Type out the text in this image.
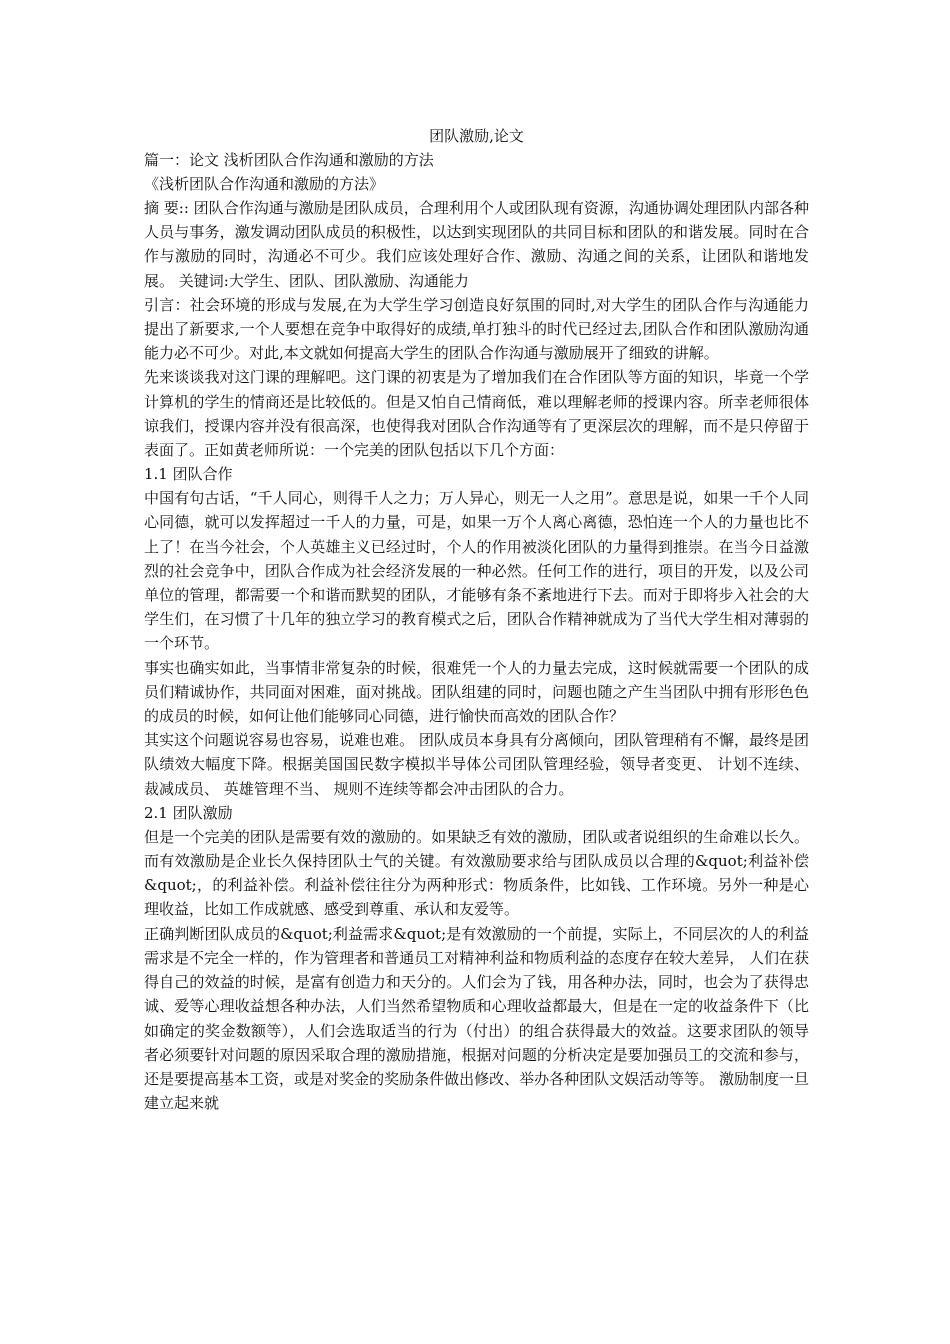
团队激励,论文

篇一：论文 浅析团队合作沟通和激励的方法

《浅析团队合作沟通和激励的方法》

摘 要:: 团队合作沟通与激励是团队成员，合理利用个人或团队现有资源，沟通协调处理团队内部各种人员与事务，激发调动团队成员的积极性，以达到实现团队的共同目标和团队的和谐发展。同时在合作与激励的同时，沟通必不可少。我们应该处理好合作、激励、沟通之间的关系，让团队和谐地发展。 关键词:大学生、团队、团队激励、沟通能力

引言：社会环境的形成与发展,在为大学生学习创造良好氛围的同时,对大学生的团队合作与沟通能力提出了新要求,一个人要想在竞争中取得好的成绩,单打独斗的时代已经过去,团队合作和团队激励沟通能力必不可少。对此,本文就如何提高大学生的团队合作沟通与激励展开了细致的讲解。

先来谈谈我对这门课的理解吧。这门课的初衷是为了增加我们在合作团队等方面的知识，毕竟一个学计算机的学生的情商还是比较低的。但是又怕自己情商低，难以理解老师的授课内容。所幸老师很体谅我们，授课内容并没有很高深，也使得我对团队合作沟通等有了更深层次的理解，而不是只停留于表面了。正如黄老师所说：一个完美的团队包括以下几个方面：

1.1 团队合作

中国有句古话，“千人同心，则得千人之力；万人异心，则无一人之用”。意思是说，如果一千个人同心同德，就可以发挥超过一千人的力量，可是，如果一万个人离心离德，恐怕连一个人的力量也比不上了！在当今社会，个人英雄主义已经过时，个人的作用被淡化团队的力量得到推崇。在当今日益激烈的社会竞争中，团队合作成为社会经济发展的一种必然。任何工作的进行，项目的开发，以及公司单位的管理，都需要一个和谐而默契的团队，才能够有条不紊地进行下去。而对于即将步入社会的大学生们，在习惯了十几年的独立学习的教育模式之后，团队合作精神就成为了当代大学生相对薄弱的一个环节。

事实也确实如此，当事情非常复杂的时候，很难凭一个人的力量去完成，这时候就需要一个团队的成员们精诚协作，共同面对困难，面对挑战。团队组建的同时，问题也随之产生当团队中拥有形形色色的成员的时候，如何让他们能够同心同德，进行愉快而高效的团队合作？

其实这个问题说容易也容易，说难也难。 团队成员本身具有分离倾向，团队管理稍有不懈，最终是团队绩效大幅度下降。根据美国国民数字模拟半导体公司团队管理经验，领导者变更、 计划不连续、 裁减成员、 英雄管理不当、 规则不连续等都会冲击团队的合力。

2.1 团队激励

但是一个完美的团队是需要有效的激励的。如果缺乏有效的激励，团队或者说组织的生命难以长久。而有效激励是企业长久保持团队士气的关键。有效激励要求给与团队成员以合理的&quot;利益补偿&quot;，的利益补偿。利益补偿往往分为两种形式：物质条件，比如钱、工作环境。另外一种是心理收益，比如工作成就感、感受到尊重、承认和友爱等。

正确判断团队成员的&quot;利益需求&quot;是有效激励的一个前提，实际上，不同层次的人的利益需求是不完全一样的，作为管理者和普通员工对精神利益和物质利益的态度存在较大差异， 人们在获得自己的效益的时候，是富有创造力和天分的。人们会为了钱，用各种办法，同时，也会为了获得忠诚、爱等心理收益想各种办法，人们当然希望物质和心理收益都最大，但是在一定的收益条件下（比如确定的奖金数额等），人们会选取适当的行为（付出）的组合获得最大的效益。这要求团队的领导者必须要针对问题的原因采取合理的激励措施，根据对问题的分析决定是要加强员工的交流和参与，还是要提高基本工资，或是对奖金的奖励条件做出修改、举办各种团队文娱活动等等。 激励制度一旦建立起来就
